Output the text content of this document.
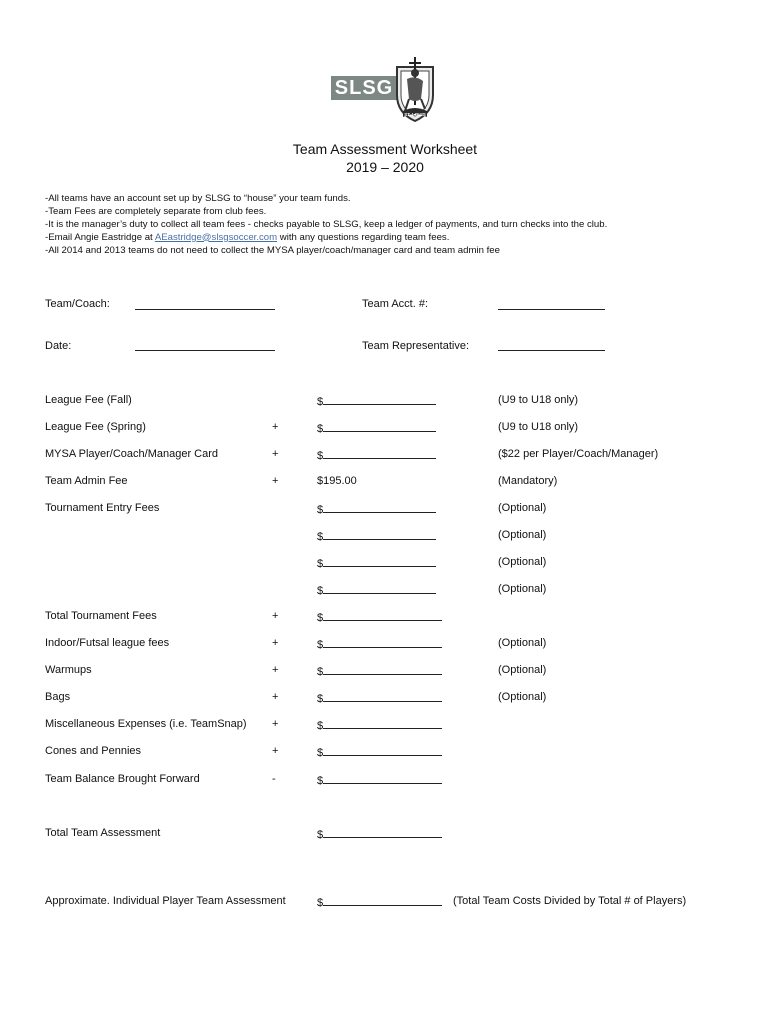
SLSG
ST. LOUIS
Team Assessment Worksheet
2019 – 2020
-All teams have an account set up by SLSG to “house” your team funds.
-Team Fees are completely separate from club fees.
-It is the manager’s duty to collect all team fees - checks payable to SLSG, keep a ledger of payments, and turn checks into the club.
-Email Angie Eastridge at AEastridge@slsgsoccer.com with any questions regarding team fees.
-All 2014 and 2013 teams do not need to collect the MYSA player/coach/manager card and team admin fee
Team/Coach:	Team Acct. #:
Date:	Team Representative:
League Fee (Fall)	$	(U9 to U18 only)
League Fee (Spring)	+	$	(U9 to U18 only)
MYSA Player/Coach/Manager Card	+	$	($22 per Player/Coach/Manager)
Team Admin Fee	+	$195.00	(Mandatory)
Tournament Entry Fees	$	(Optional)
$	(Optional)
$	(Optional)
$	(Optional)
Total Tournament Fees	+	$
Indoor/Futsal league fees	+	$	(Optional)
Warmups	+	$	(Optional)
Bags	+	$	(Optional)
Miscellaneous Expenses (i.e. TeamSnap) +	$
Cones and Pennies	+	$
Team Balance Brought Forward	-	$
Total Team Assessment	$
Approximate. Individual Player Team Assessment	$	(Total Team Costs Divided by Total # of Players)
